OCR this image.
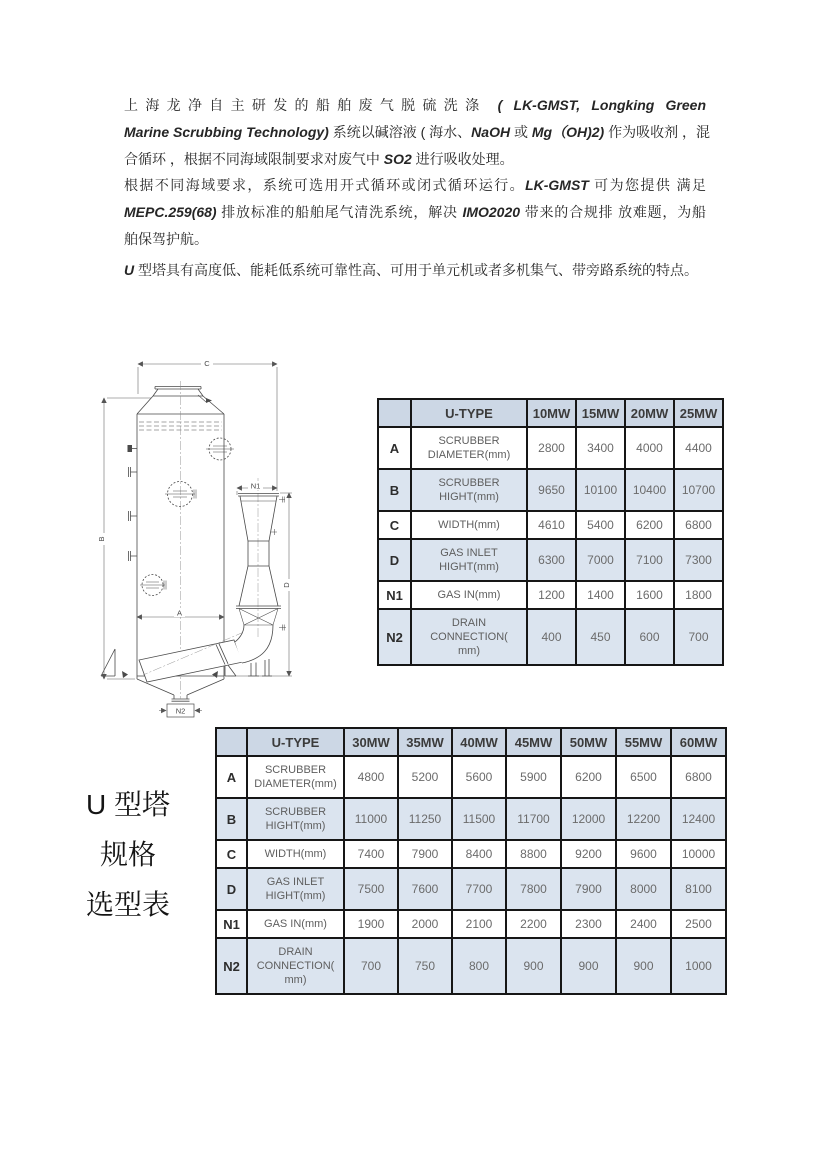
上海龙净自主研发的船舶废气脱硫洗涤 ( LK-GMST, Longking Green
Marine Scrubbing Technology) 系统以碱溶液 ( 海水、NaOH 或 Mg（OH)2) 作为吸收剂 ，混
合循环 ，根据不同海域限制要求对废气中 SO2 进行吸收处理。
根据不同海域要求，系统可选用开式循环或闭式循环运行。LK-GMST 可为您提供 满足
MEPC.259(68) 排放标准的船舶尾气清洗系统，解决 IMO2020 带来的合规排 放难题，为船
舶保驾护航。
U 型塔具有高度低、能耗低系统可靠性高、可用于单元机或者多机集气、带旁路系统的特点。
C
B
A
D
N1
N2
U 型塔
规格
选型表
	U-TYPE	10MW	15MW	20MW	25MW
A	SCRUBBER
DIAMETER(mm)	2800	3400	4000	4400
B	SCRUBBER
HIGHT(mm)	9650	10100	10400	10700
C	WIDTH(mm)	4610	5400	6200	6800
D	GAS INLET
HIGHT(mm)	6300	7000	7100	7300
N1	GAS IN(mm)	1200	1400	1600	1800
N2	DRAIN
CONNECTION(
mm)	400	450	600	700
	U-TYPE	30MW	35MW	40MW	45MW	50MW	55MW	60MW
A	SCRUBBER
DIAMETER(mm)	4800	5200	5600	5900	6200	6500	6800
B	SCRUBBER
HIGHT(mm)	11000	11250	11500	11700	12000	12200	12400
C	WIDTH(mm)	7400	7900	8400	8800	9200	9600	10000
D	GAS INLET
HIGHT(mm)	7500	7600	7700	7800	7900	8000	8100
N1	GAS IN(mm)	1900	2000	2100	2200	2300	2400	2500
N2	DRAIN
CONNECTION(
mm)	700	750	800	900	900	900	1000
